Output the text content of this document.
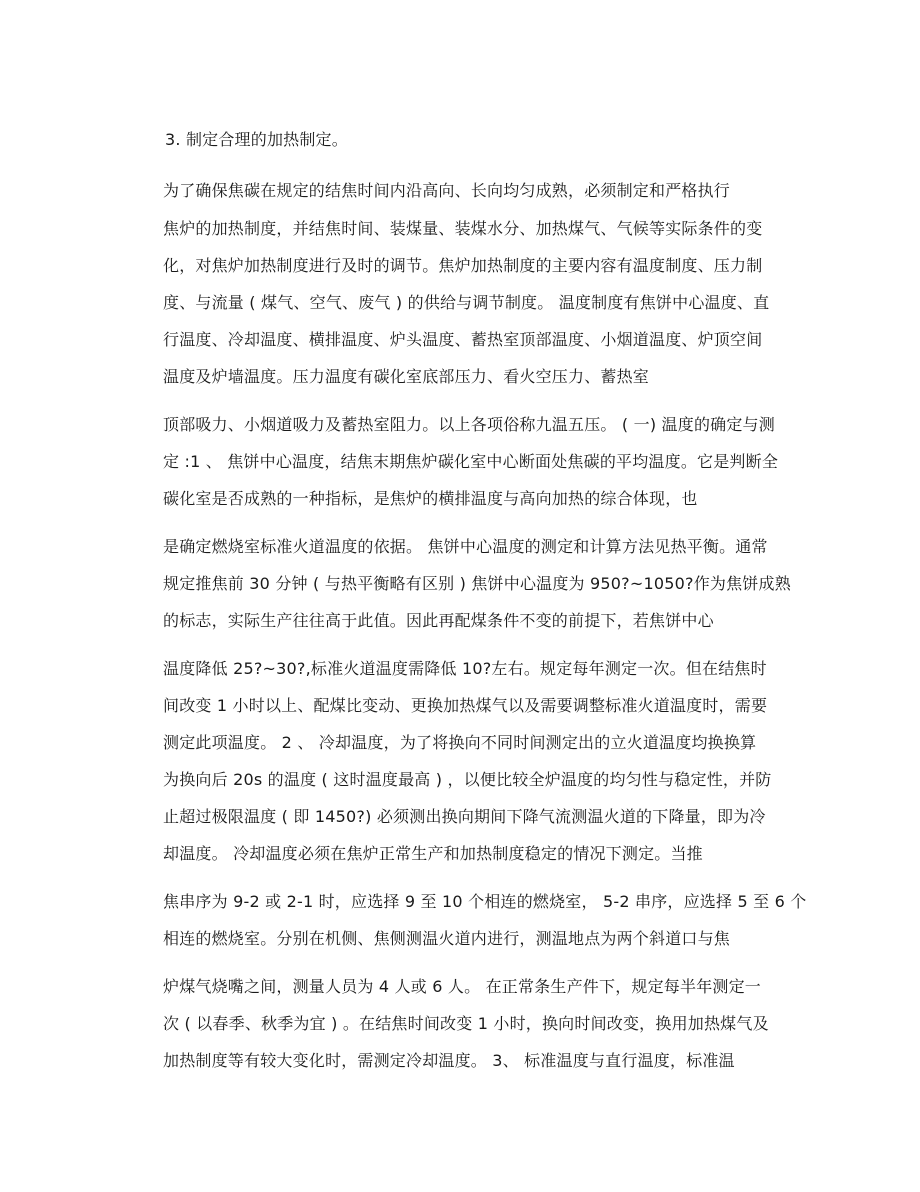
3. 制定合理的加热制定。
为了确保焦碳在规定的结焦时间内沿高向、长向均匀成熟，必须制定和严格执行
焦炉的加热制度，并结焦时间、装煤量、装煤水分、加热煤气、气候等实际条件的变
化，对焦炉加热制度进行及时的调节。焦炉加热制度的主要内容有温度制度、压力制
度、与流量 ( 煤气、空气、废气 ) 的供给与调节制度。 温度制度有焦饼中心温度、直
行温度、冷却温度、横排温度、炉头温度、蓄热室顶部温度、小烟道温度、炉顶空间
温度及炉墙温度。压力温度有碳化室底部压力、看火空压力、蓄热室
顶部吸力、小烟道吸力及蓄热室阻力。以上各项俗称九温五压。 ( 一) 温度的确定与测
定 :1 、 焦饼中心温度，结焦末期焦炉碳化室中心断面处焦碳的平均温度。它是判断全
碳化室是否成熟的一种指标，是焦炉的横排温度与高向加热的综合体现，也
是确定燃烧室标准火道温度的依据。 焦饼中心温度的测定和计算方法见热平衡。通常
规定推焦前 30 分钟 ( 与热平衡略有区别 ) 焦饼中心温度为 950?~1050?作为焦饼成熟
的标志，实际生产往往高于此值。因此再配煤条件不变的前提下，若焦饼中心
温度降低 25?~30?,标准火道温度需降低 10?左右。规定每年测定一次。但在结焦时
间改变 1 小时以上、配煤比变动、更换加热煤气以及需要调整标准火道温度时，需要
测定此项温度。 2 、 冷却温度，为了将换向不同时间测定出的立火道温度均换换算
为换向后 20s 的温度 ( 这时温度最高 ) ，以便比较全炉温度的均匀性与稳定性，并防
止超过极限温度 ( 即 1450?) 必须测出换向期间下降气流测温火道的下降量，即为冷
却温度。 冷却温度必须在焦炉正常生产和加热制度稳定的情况下测定。当推
焦串序为 9-2 或 2-1 时，应选择 9 至 10 个相连的燃烧室， 5-2 串序，应选择 5 至 6 个
相连的燃烧室。分别在机侧、焦侧测温火道内进行，测温地点为两个斜道口与焦
炉煤气烧嘴之间，测量人员为 4 人或 6 人。 在正常条生产件下，规定每半年测定一
次 ( 以春季、秋季为宜 ) 。在结焦时间改变 1 小时，换向时间改变，换用加热煤气及
加热制度等有较大变化时，需测定冷却温度。 3、 标准温度与直行温度，标准温
